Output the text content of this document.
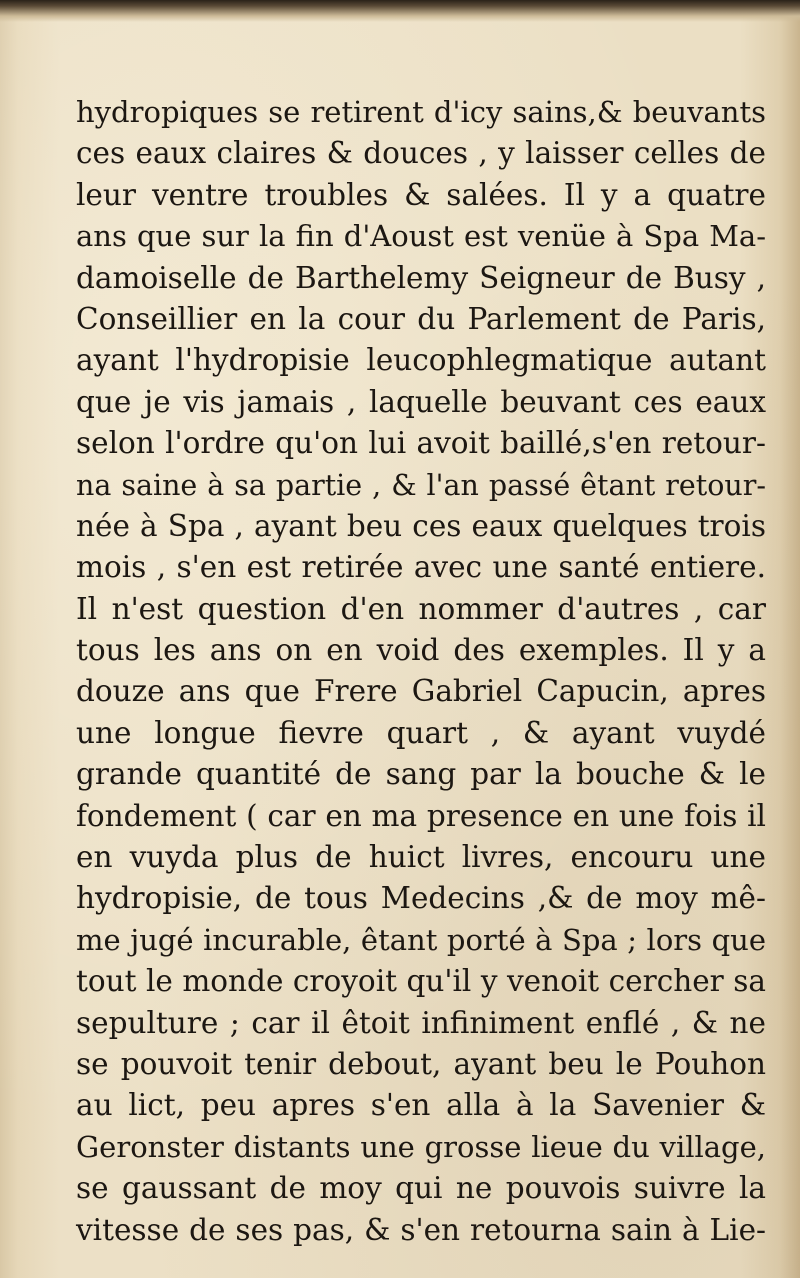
hydropiques se retirent d'icy sains,& beuvants
ces eaux claires & douces , y laisser celles de
leur ventre troubles & salées. Il y a quatre
ans que sur la fin d'Aoust est venüe à Spa Ma-
damoiselle de Barthelemy Seigneur de Busy ,
Conseillier en la cour du Parlement de Paris,
ayant l'hydropisie leucophlegmatique autant
que je vis jamais , laquelle beuvant ces eaux
selon l'ordre qu'on lui avoit baillé,s'en retour-
na saine à sa partie , & l'an passé êtant retour-
née à Spa , ayant beu ces eaux quelques trois
mois , s'en est retirée avec une santé entiere.
Il n'est question d'en nommer d'autres , car
tous les ans on en void des exemples. Il y a
douze ans que Frere Gabriel Capucin, apres
une longue fievre quart , & ayant vuydé
grande quantité de sang par la bouche & le
fondement ( car en ma presence en une fois il
en vuyda plus de huict livres, encouru une
hydropisie, de tous Medecins ,& de moy mê-
me jugé incurable, êtant porté à Spa ; lors que
tout le monde croyoit qu'il y venoit cercher sa
sepulture ; car il êtoit infiniment enflé , & ne
se pouvoit tenir debout, ayant beu le Pouhon
au lict, peu apres s'en alla à la Savenier &
Geronster distants une grosse lieue du village,
se gaussant de moy qui ne pouvois suivre la
vitesse de ses pas, & s'en retourna sain à Lie-
